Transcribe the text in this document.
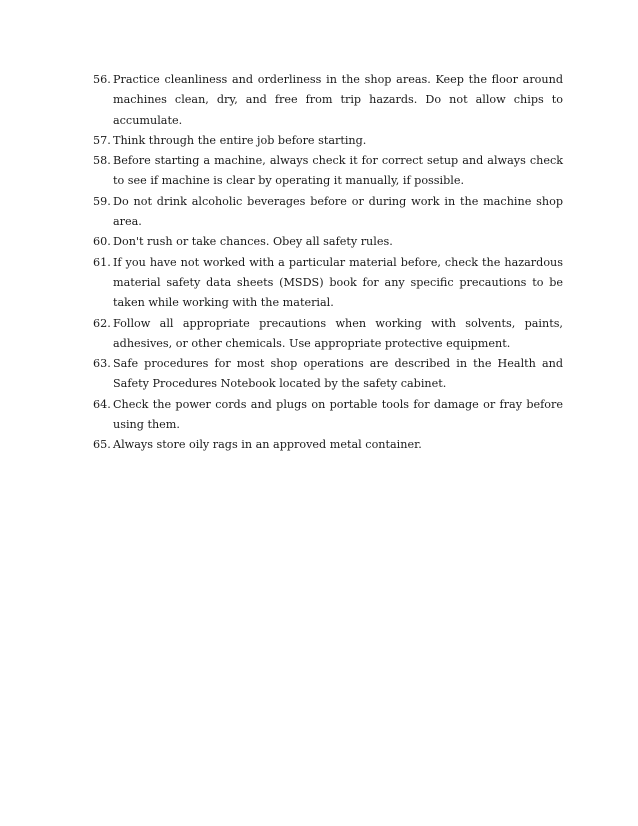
56. Practice cleanliness and orderliness in the shop areas. Keep the floor around machines clean, dry, and free from trip hazards. Do not allow chips to accumulate.
57. Think through the entire job before starting.
58. Before starting a machine, always check it for correct setup and always check to see if machine is clear by operating it manually, if possible.
59. Do not drink alcoholic beverages before or during work in the machine shop area.
60. Don't rush or take chances. Obey all safety rules.
61. If you have not worked with a particular material before, check the hazardous material safety data sheets (MSDS) book for any specific precautions to be taken while working with the material.
62. Follow all appropriate precautions when working with solvents, paints, adhesives, or other chemicals. Use appropriate protective equipment.
63. Safe procedures for most shop operations are described in the Health and Safety Procedures Notebook located by the safety cabinet.
64. Check the power cords and plugs on portable tools for damage or fray before using them.
65. Always store oily rags in an approved metal container.
